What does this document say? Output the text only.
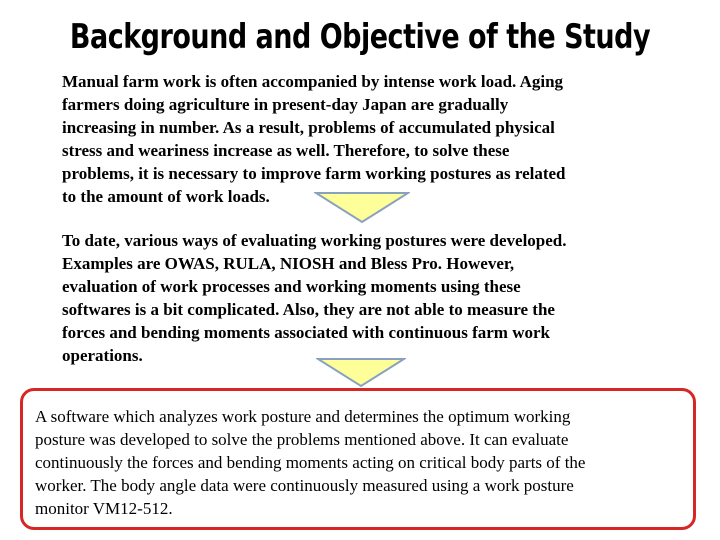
Background and Objective of the Study

Manual farm work is often accompanied by intense work load. Aging
farmers doing agriculture in present-day Japan are gradually
increasing in number. As a result, problems of accumulated physical
stress and weariness increase as well. Therefore, to solve these
problems, it is necessary to improve farm working postures as related
to the amount of work loads.

To date, various ways of evaluating working postures were developed.
Examples are OWAS, RULA, NIOSH and Bless Pro. However,
evaluation of work processes and working moments using these
softwares is a bit complicated. Also, they are not able to measure the
forces and bending moments associated with continuous farm work
operations.

A software which analyzes work posture and determines the optimum working
posture was developed to solve the problems mentioned above. It can evaluate
continuously the forces and bending moments acting on critical body parts of the
worker. The body angle data were continuously measured using a work posture
monitor VM12-512.
